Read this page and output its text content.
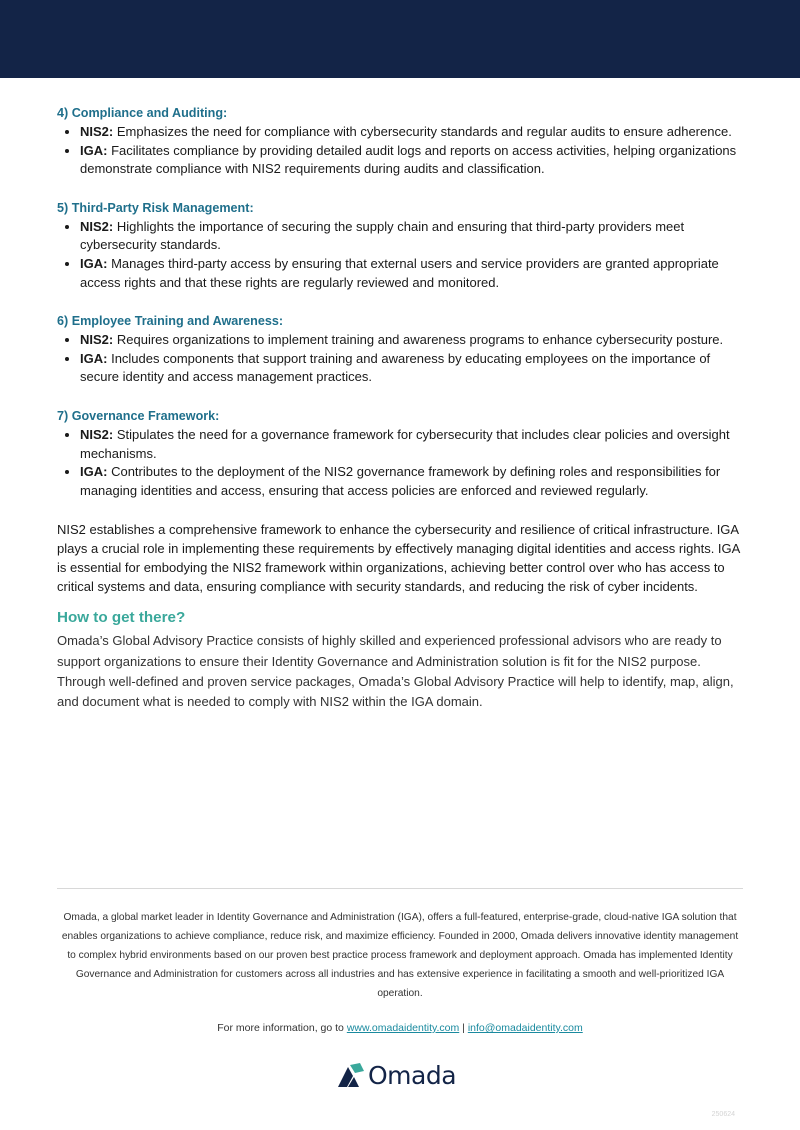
4) Compliance and Auditing:

• NIS2: Emphasizes the need for compliance with cybersecurity standards and regular audits to ensure adherence.
• IGA: Facilitates compliance by providing detailed audit logs and reports on access activities, helping organizations demonstrate compliance with NIS2 requirements during audits and classification.

5) Third-Party Risk Management:

• NIS2: Highlights the importance of securing the supply chain and ensuring that third-party providers meet cybersecurity standards.
• IGA: Manages third-party access by ensuring that external users and service providers are granted appropriate access rights and that these rights are regularly reviewed and monitored.

6) Employee Training and Awareness:

• NIS2: Requires organizations to implement training and awareness programs to enhance cybersecurity posture.
• IGA: Includes components that support training and awareness by educating employees on the importance of secure identity and access management practices.

7) Governance Framework:

• NIS2: Stipulates the need for a governance framework for cybersecurity that includes clear policies and oversight mechanisms.
• IGA: Contributes to the deployment of the NIS2 governance framework by defining roles and responsibilities for managing identities and access, ensuring that access policies are enforced and reviewed regularly.

NIS2 establishes a comprehensive framework to enhance the cybersecurity and resilience of critical infrastructure. IGA plays a crucial role in implementing these requirements by effectively managing digital identities and access rights. IGA is essential for embodying the NIS2 framework within organizations, achieving better control over who has access to critical systems and data, ensuring compliance with security standards, and reducing the risk of cyber incidents.

How to get there?

Omada’s Global Advisory Practice consists of highly skilled and experienced professional advisors who are ready to support organizations to ensure their Identity Governance and Administration solution is fit for the NIS2 purpose. Through well-defined and proven service packages, Omada’s Global Advisory Practice will help to identify, map, align, and document what is needed to comply with NIS2 within the IGA domain.

Omada, a global market leader in Identity Governance and Administration (IGA), offers a full-featured, enterprise-grade, cloud-native IGA solution that enables organizations to achieve compliance, reduce risk, and maximize efficiency. Founded in 2000, Omada delivers innovative identity management to complex hybrid environments based on our proven best practice process framework and deployment approach. Omada has implemented Identity Governance and Administration for customers across all industries and has extensive experience in facilitating a smooth and well-prioritized IGA operation.
For more information, go to www.omadaidentity.com | info@omadaidentity.com
Omada
250624
